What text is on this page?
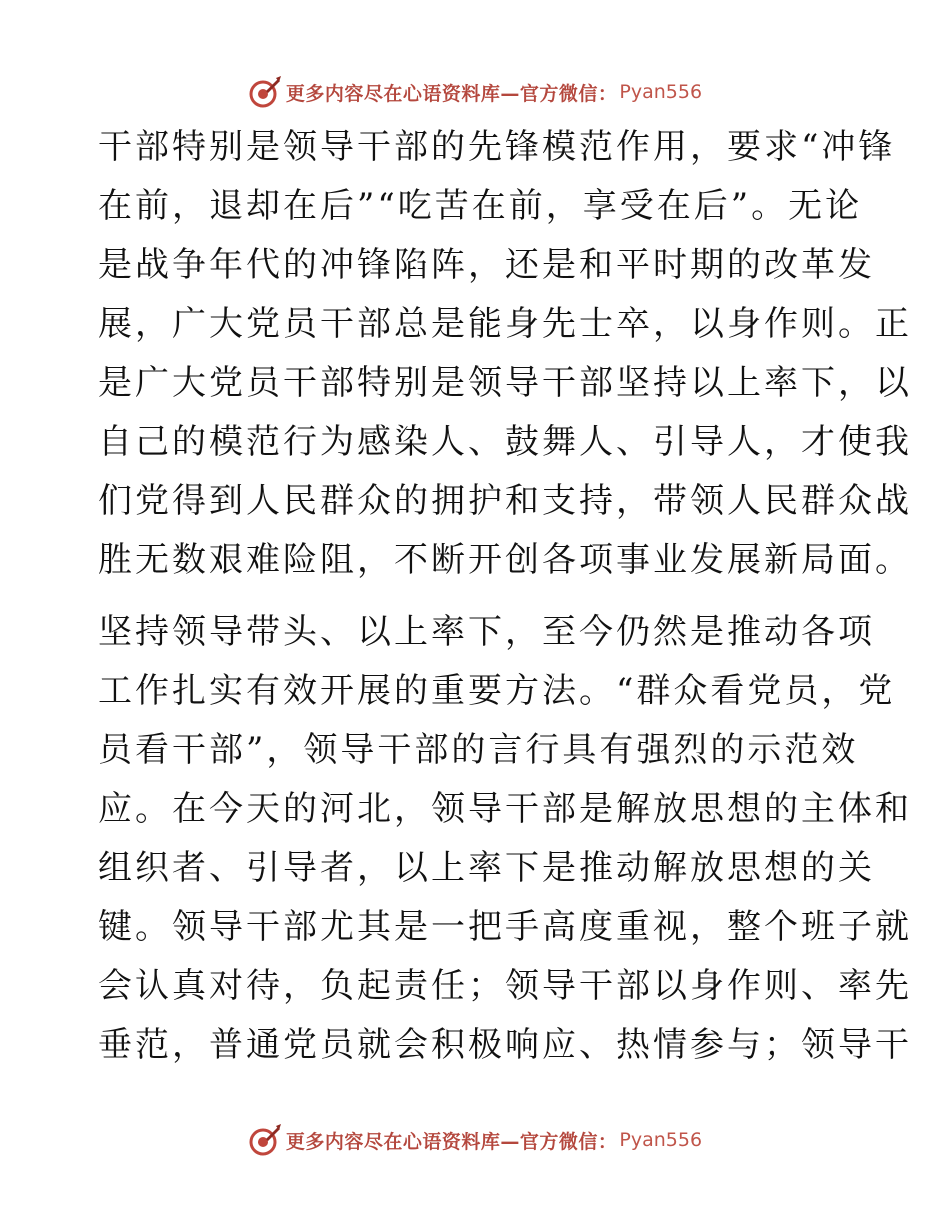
更多内容尽在心语资料库—官方微信： Pyan556

干部特别是领导干部的先锋模范作用，要求“冲锋

在前，退却在后”“吃苦在前，享受在后”。无论

是战争年代的冲锋陷阵，还是和平时期的改革发

展，广大党员干部总是能身先士卒，以身作则。正

是广大党员干部特别是领导干部坚持以上率下，以

自己的模范行为感染人、鼓舞人、引导人，才使我

们党得到人民群众的拥护和支持，带领人民群众战

胜无数艰难险阻，不断开创各项事业发展新局面。

坚持领导带头、以上率下，至今仍然是推动各项

工作扎实有效开展的重要方法。“群众看党员，党

员看干部”，领导干部的言行具有强烈的示范效

应。在今天的河北，领导干部是解放思想的主体和

组织者、引导者，以上率下是推动解放思想的关

键。领导干部尤其是一把手高度重视，整个班子就

会认真对待，负起责任；领导干部以身作则、率先

垂范，普通党员就会积极响应、热情参与；领导干

更多内容尽在心语资料库—官方微信： Pyan556
